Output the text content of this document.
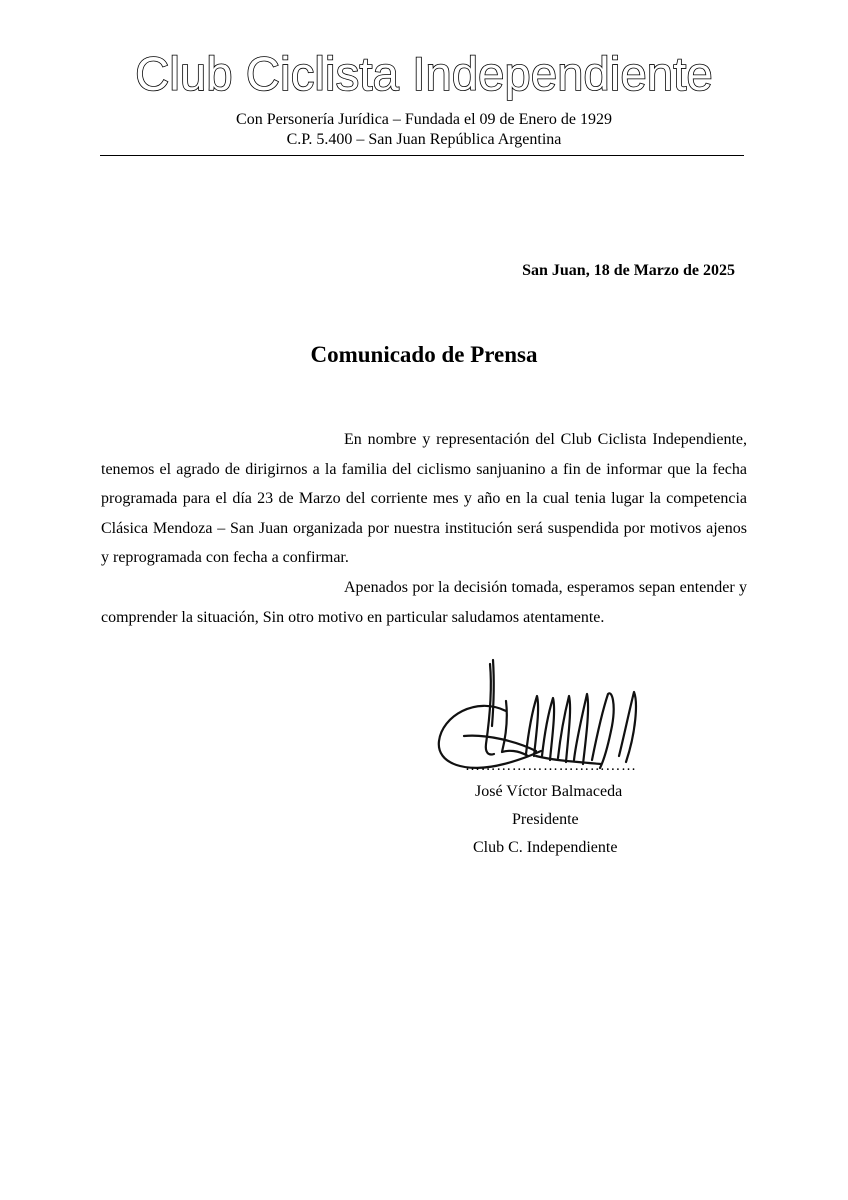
Club Ciclista Independiente
Con Personería Jurídica – Fundada el 09 de Enero de 1929
C.P. 5.400 – San Juan República Argentina
San Juan, 18 de Marzo de 2025
Comunicado de Prensa

En nombre y representación del Club Ciclista Independiente, tenemos el agrado de dirigirnos a la familia del ciclismo sanjuanino a fin de informar que la fecha programada para el día 23 de Marzo del corriente mes y año en la cual tenia lugar la competencia Clásica Mendoza – San Juan organizada por nuestra institución será suspendida por motivos ajenos y reprogramada con fecha a confirmar.

Apenados por la decisión tomada, esperamos sepan entender y comprender la situación, Sin otro motivo en particular saludamos atentamente.

……………………………
José Víctor Balmaceda
Presidente
Club C. Independiente
